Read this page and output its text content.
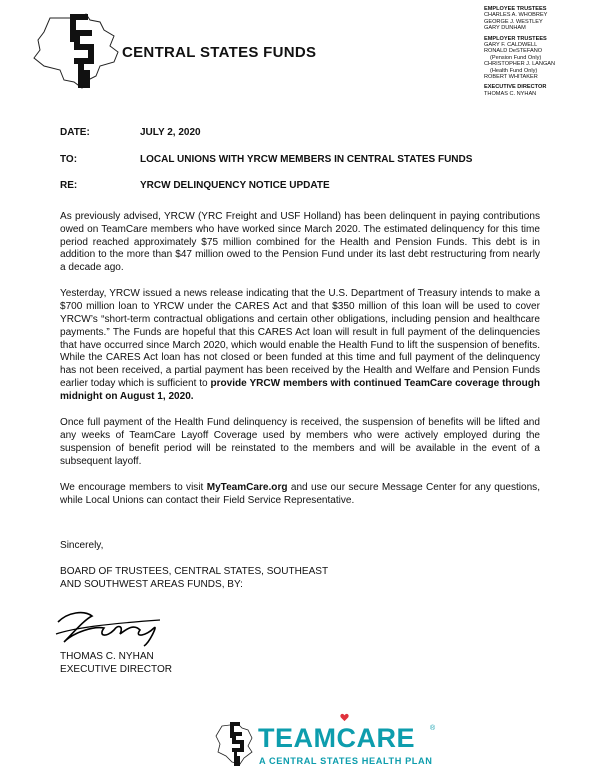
CENTRAL STATES FUNDS
EMPLOYEE TRUSTEES
CHARLES A. WHOBREY
GEORGE J. WESTLEY
GARY DUNHAM
EMPLOYER TRUSTEES
GARY F. CALDWELL
RONALD DeSTEFANO
(Pension Fund Only)
CHRISTOPHER J. LANGAN
(Health Fund Only)
ROBERT WHITAKER
EXECUTIVE DIRECTOR
THOMAS C. NYHAN
DATE:	JULY 2, 2020
TO:	LOCAL UNIONS WITH YRCW MEMBERS IN CENTRAL STATES FUNDS
RE:	YRCW DELINQUENCY NOTICE UPDATE

As previously advised, YRCW (YRC Freight and USF Holland) has been delinquent in paying contributions owed on TeamCare members who have worked since March 2020. The estimated delinquency for this time period reached approximately $75 million combined for the Health and Pension Funds. This debt is in addition to the more than $47 million owed to the Pension Fund under its last debt restructuring from nearly a decade ago.

Yesterday, YRCW issued a news release indicating that the U.S. Department of Treasury intends to make a $700 million loan to YRCW under the CARES Act and that $350 million of this loan will be used to cover YRCW’s “short-term contractual obligations and certain other obligations, including pension and healthcare payments.” The Funds are hopeful that this CARES Act loan will result in full payment of the delinquencies that have occurred since March 2020, which would enable the Health Fund to lift the suspension of benefits. While the CARES Act loan has not closed or been funded at this time and full payment of the delinquency has not been received, a partial payment has been received by the Health and Welfare and Pension Funds earlier today which is sufficient to provide YRCW members with continued TeamCare coverage through midnight on August 1, 2020.

Once full payment of the Health Fund delinquency is received, the suspension of benefits will be lifted and any weeks of TeamCare Layoff Coverage used by members who were actively employed during the suspension of benefit period will be reinstated to the members and will be available in the event of a subsequent layoff.

We encourage members to visit MyTeamCare.org and use our secure Message Center for any questions, while Local Unions can contact their Field Service Representative.

Sincerely,

BOARD OF TRUSTEES, CENTRAL STATES, SOUTHEAST

AND SOUTHWEST AREAS FUNDS, BY:

THOMAS C. NYHAN
EXECUTIVE DIRECTOR
TEAMCARE ®
A CENTRAL STATES HEALTH PLAN
